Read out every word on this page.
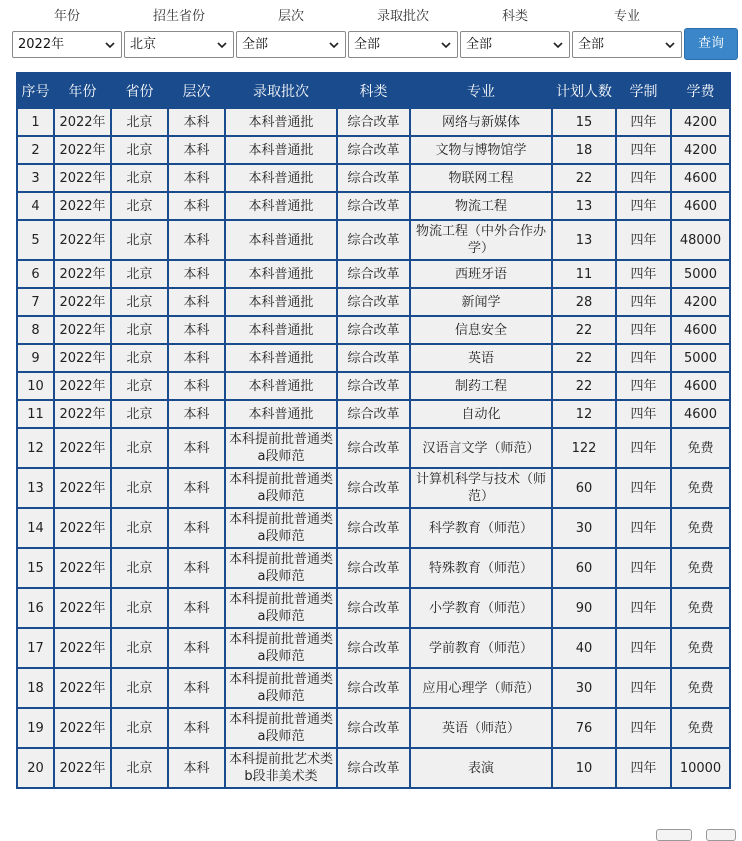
年份
2022年
招生省份
北京
层次
全部
录取批次
全部
科类
全部
专业
全部	查询
序号	年份	省份	层次	录取批次	科类	专业	计划人数	学制	学费
1	2022年	北京	本科	本科普通批	综合改革	网络与新媒体	15	四年	4200
2	2022年	北京	本科	本科普通批	综合改革	文物与博物馆学	18	四年	4200
3	2022年	北京	本科	本科普通批	综合改革	物联网工程	22	四年	4600
4	2022年	北京	本科	本科普通批	综合改革	物流工程	13	四年	4600
5	2022年	北京	本科	本科普通批	综合改革	物流工程（中外合作办学）	13	四年	48000
6	2022年	北京	本科	本科普通批	综合改革	西班牙语	11	四年	5000
7	2022年	北京	本科	本科普通批	综合改革	新闻学	28	四年	4200
8	2022年	北京	本科	本科普通批	综合改革	信息安全	22	四年	4600
9	2022年	北京	本科	本科普通批	综合改革	英语	22	四年	5000
10	2022年	北京	本科	本科普通批	综合改革	制药工程	22	四年	4600
11	2022年	北京	本科	本科普通批	综合改革	自动化	12	四年	4600
12	2022年	北京	本科	本科提前批普通类a段师范	综合改革	汉语言文学（师范）	122	四年	免费
13	2022年	北京	本科	本科提前批普通类a段师范	综合改革	计算机科学与技术（师范）	60	四年	免费
14	2022年	北京	本科	本科提前批普通类a段师范	综合改革	科学教育（师范）	30	四年	免费
15	2022年	北京	本科	本科提前批普通类a段师范	综合改革	特殊教育（师范）	60	四年	免费
16	2022年	北京	本科	本科提前批普通类a段师范	综合改革	小学教育（师范）	90	四年	免费
17	2022年	北京	本科	本科提前批普通类a段师范	综合改革	学前教育（师范）	40	四年	免费
18	2022年	北京	本科	本科提前批普通类a段师范	综合改革	应用心理学（师范）	30	四年	免费
19	2022年	北京	本科	本科提前批普通类a段师范	综合改革	英语（师范）	76	四年	免费
20	2022年	北京	本科	本科提前批艺术类b段非美术类	综合改革	表演	10	四年	10000
